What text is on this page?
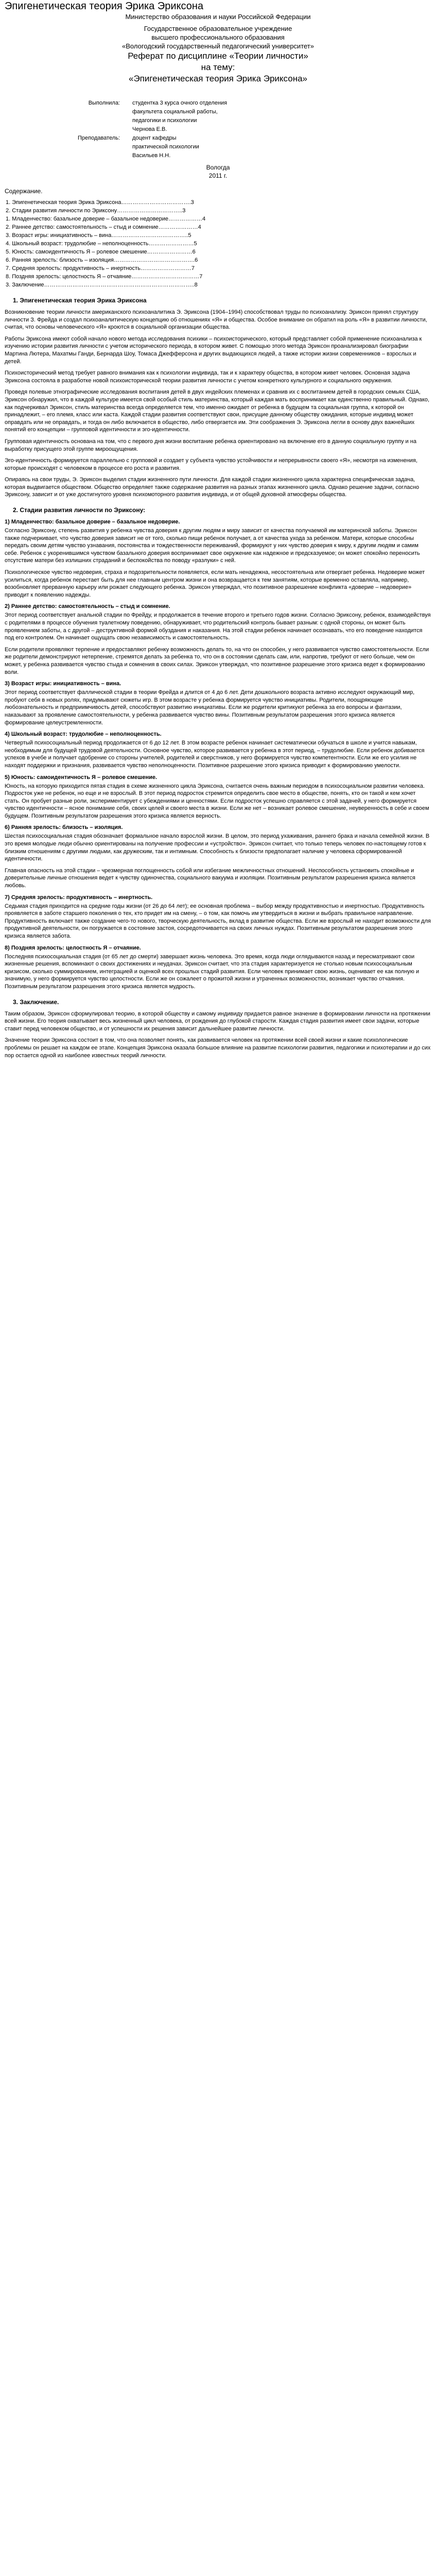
Эпигенетическая теория Эрика Эриксона

Министерство образования и науки Российской Федерации

Государственное образовательное учреждение

высшего профессионального образования

«Вологодский государственный педагогический университет»

Реферат по дисциплине «Теории личности»

на тему:

«Эпигенетическая теория Эрика Эриксона»

Выполнила:	студентка 3 курса очного отделения
факультета социальной работы,
педагогики и психологии
Чернова Е.В.
Преподаватель:	доцент кафедры
практической психологии
Васильев Н.Н.

Вологда

2011 г.

Содержание.

1. Эпигенетическая теория Эрика Эриксона……………………………….3
2. Стадии развития личности по Эриксону……………………………..3
1. Младенчество: базальное доверие – базальное недоверие………………4
2. Раннее детство: самостоятельность – стыд и сомнение…………………4
3. Возраст игры: инициативность – вина…………………………………..5
4. Школьный возраст: трудолюбие – неполноценность……………………5
5. Юность: самоидентичность Я – ролевое смешение……………………6
6. Ранняя зрелость: близость – изоляция…………………………………….6
7. Средняя зрелость: продуктивность – инертность………………………7
8. Поздняя зрелость: целостность Я – отчаяние………………………………7
3. Заключение……………………………………………………………………..8
1. Эпигенетическая теория Эрика Эриксона

Возникновение теории личности американского психоаналитика Э. Эриксона (1904–1994) способствовал труды по психоанализу. Эриксон принял структуру личности З. Фрейда и создал психоаналитическую концепцию об отношениях «Я» и общества. Особое внимание он обратил на роль «Я» в развитии личности, считая, что основы человеческого «Я» кроются в социальной организации общества.

Работы Эриксона имеют собой начало нового метода исследования психики – психоисторического, который представляет собой применение психоанализа к изучению истории развития личности с учетом исторического периода, в котором живет. С помощью этого метода Эриксон проанализировал биографии Мартина Лютера, Махатмы Ганди, Бернарда Шоу, Томаса Джефферсона и других выдающихся людей, а также истории жизни современников – взрослых и детей.

Психоисторический метод требует равного внимания как к психологии индивида, так и к характеру общества, в котором живет человек. Основная задача Эриксона состояла в разработке новой психоисторической теории развития личности с учетом конкретного культурного и социального окружения.

Проведя полевые этнографические исследования воспитания детей в двух индейских племенах и сравнив их с воспитанием детей в городских семьях США, Эриксон обнаружил, что в каждой культуре имеется свой особый стиль материнства, который каждая мать воспринимает как единственно правильный. Однако, как подчеркивал Эриксон, стиль материнства всегда определяется тем, что именно ожидает от ребенка в будущем та социальная группа, к которой он принадлежит, – его племя, класс или каста. Каждой стадии развития соответствуют свои, присущие данному обществу ожидания, которые индивид может оправдать или не оправдать, и тогда он либо включается в общество, либо отвергается им. Эти соображения Э. Эриксона легли в основу двух важнейших понятий его концепции – групповой идентичности и эго-идентичности.

Групповая идентичность основана на том, что с первого дня жизни воспитание ребенка ориентировано на включение его в данную социальную группу и на выработку присущего этой группе мироощущения.

Эго-идентичность формируется параллельно с групповой и создает у субъекта чувство устойчивости и непрерывности своего «Я», несмотря на изменения, которые происходят с человеком в процессе его роста и развития.

Опираясь на свои труды, Э. Эриксон выделил стадии жизненного пути личности. Для каждой стадии жизненного цикла характерна специфическая задача, которая выдвигается обществом. Общество определяет также содержание развития на разных этапах жизненного цикла. Однако решение задачи, согласно Эриксону, зависит и от уже достигнутого уровня психомоторного развития индивида, и от общей духовной атмосферы общества.

2. Стадии развития личности по Эриксону:
1) Младенчество: базальное доверие – базальное недоверие.

Согласно Эриксону, степень развития у ребенка чувства доверия к другим людям и миру зависит от качества получаемой им материнской заботы. Эриксон также подчеркивает, что чувство доверия зависит не от того, сколько пищи ребенок получает, а от качества ухода за ребенком. Матери, которые способны передать своим детям чувство узнавания, постоянства и тождественности переживаний, формируют у них чувство доверия к миру, к другим людям и самим себе. Ребенок с укоренившимся чувством базального доверия воспринимает свое окружение как надежное и предсказуемое; он может спокойно переносить отсутствие матери без излишних страданий и беспокойства по поводу «разлуки» с ней.

Психологическое чувство недоверия, страха и подозрительности появляется, если мать ненадежна, несостоятельна или отвергает ребенка. Недоверие может усилиться, когда ребенок перестает быть для нее главным центром жизни и она возвращается к тем занятиям, которые временно оставляла, например, возобновляет прерванную карьеру или рожает следующего ребенка. Эриксон утверждал, что позитивное разрешение конфликта «доверие – недоверие» приводит к появлению надежды.

2) Раннее детство: самостоятельность – стыд и сомнение.

Этот период соответствует анальной стадии по Фрейду, и продолжается в течение второго и третьего годов жизни. Согласно Эриксону, ребенок, взаимодействуя с родителями в процессе обучения туалетному поведению, обнаруживает, что родительский контроль бывает разным: с одной стороны, он может быть проявлением заботы, а с другой – деструктивной формой обуздания и наказания. На этой стадии ребенок начинает осознавать, что его поведение находится под его контролем. Он начинает ощущать свою независимость и самостоятельность.

Если родители проявляют терпение и предоставляют ребенку возможность делать то, на что он способен, у него развивается чувство самостоятельности. Если же родители демонстрируют нетерпение, стремятся делать за ребенка то, что он в состоянии сделать сам, или, напротив, требуют от него больше, чем он может, у ребенка развивается чувство стыда и сомнения в своих силах. Эриксон утверждал, что позитивное разрешение этого кризиса ведет к формированию воли.

3) Возраст игры: инициативность – вина.

Этот период соответствует фаллической стадии в теории Фрейда и длится от 4 до 6 лет. Дети дошкольного возраста активно исследуют окружающий мир, пробуют себя в новых ролях, придумывают сюжеты игр. В этом возрасте у ребенка формируется чувство инициативы. Родители, поощряющие любознательность и предприимчивость детей, способствуют развитию инициативы. Если же родители критикуют ребенка за его вопросы и фантазии, наказывают за проявление самостоятельности, у ребенка развивается чувство вины. Позитивным результатом разрешения этого кризиса является формирование целеустремленности.

4) Школьный возраст: трудолюбие – неполноценность.

Четвертый психосоциальный период продолжается от 6 до 12 лет. В этом возрасте ребенок начинает систематически обучаться в школе и учится навыкам, необходимым для будущей трудовой деятельности. Основное чувство, которое развивается у ребенка в этот период, – трудолюбие. Если ребенок добивается успехов в учебе и получает одобрение со стороны учителей, родителей и сверстников, у него формируется чувство компетентности. Если же его усилия не находят поддержки и признания, развивается чувство неполноценности. Позитивное разрешение этого кризиса приводит к формированию умелости.

5) Юность: самоидентичность Я – ролевое смешение.

Юность, на которую приходится пятая стадия в схеме жизненного цикла Эриксона, считается очень важным периодом в психосоциальном развитии человека. Подросток уже не ребенок, но еще и не взрослый. В этот период подросток стремится определить свое место в обществе, понять, кто он такой и кем хочет стать. Он пробует разные роли, экспериментирует с убеждениями и ценностями. Если подросток успешно справляется с этой задачей, у него формируется чувство идентичности – ясное понимание себя, своих целей и своего места в жизни. Если же нет – возникает ролевое смешение, неуверенность в себе и своем будущем. Позитивным результатом разрешения этого кризиса является верность.

6) Ранняя зрелость: близость – изоляция.

Шестая психосоциальная стадия обозначает формальное начало взрослой жизни. В целом, это период ухаживания, раннего брака и начала семейной жизни. В это время молодые люди обычно ориентированы на получение профессии и «устройство». Эриксон считает, что только теперь человек по-настоящему готов к близким отношениям с другими людьми, как дружеским, так и интимным. Способность к близости предполагает наличие у человека сформированной идентичности.

Главная опасность на этой стадии – чрезмерная поглощенность собой или избегание межличностных отношений. Неспособность установить спокойные и доверительные личные отношения ведет к чувству одиночества, социального вакуума и изоляции. Позитивным результатом разрешения кризиса является любовь.

7) Средняя зрелость: продуктивность – инертность.

Седьмая стадия приходится на средние годы жизни (от 26 до 64 лет); ее основная проблема – выбор между продуктивностью и инертностью. Продуктивность проявляется в заботе старшего поколения о тех, кто придет им на смену, – о том, как помочь им утвердиться в жизни и выбрать правильное направление. Продуктивность включает также создание чего-то нового, творческую деятельность, вклад в развитие общества. Если же взрослый не находит возможности для продуктивной деятельности, он погружается в состояние застоя, сосредоточивается на своих личных нуждах. Позитивным результатом разрешения этого кризиса является забота.

8) Поздняя зрелость: целостность Я – отчаяние.

Последняя психосоциальная стадия (от 65 лет до смерти) завершает жизнь человека. Это время, когда люди оглядываются назад и пересматривают свои жизненные решения, вспоминают о своих достижениях и неудачах. Эриксон считает, что эта стадия характеризуется не столько новым психосоциальным кризисом, сколько суммированием, интеграцией и оценкой всех прошлых стадий развития. Если человек принимает свою жизнь, оценивает ее как полную и значимую, у него формируется чувство целостности. Если же он сожалеет о прожитой жизни и утраченных возможностях, возникает чувство отчаяния. Позитивным результатом разрешения этого кризиса является мудрость.

3. Заключение.

Таким образом, Эриксон сформулировал теорию, в которой обществу и самому индивиду придается равное значение в формировании личности на протяжении всей жизни. Его теория охватывает весь жизненный цикл человека, от рождения до глубокой старости. Каждая стадия развития имеет свои задачи, которые ставит перед человеком общество, и от успешности их решения зависит дальнейшее развитие личности.

Значение теории Эриксона состоит в том, что она позволяет понять, как развивается человек на протяжении всей своей жизни и какие психологические проблемы он решает на каждом ее этапе. Концепция Эриксона оказала большое влияние на развитие психологии развития, педагогики и психотерапии и до сих пор остается одной из наиболее известных теорий личности.
